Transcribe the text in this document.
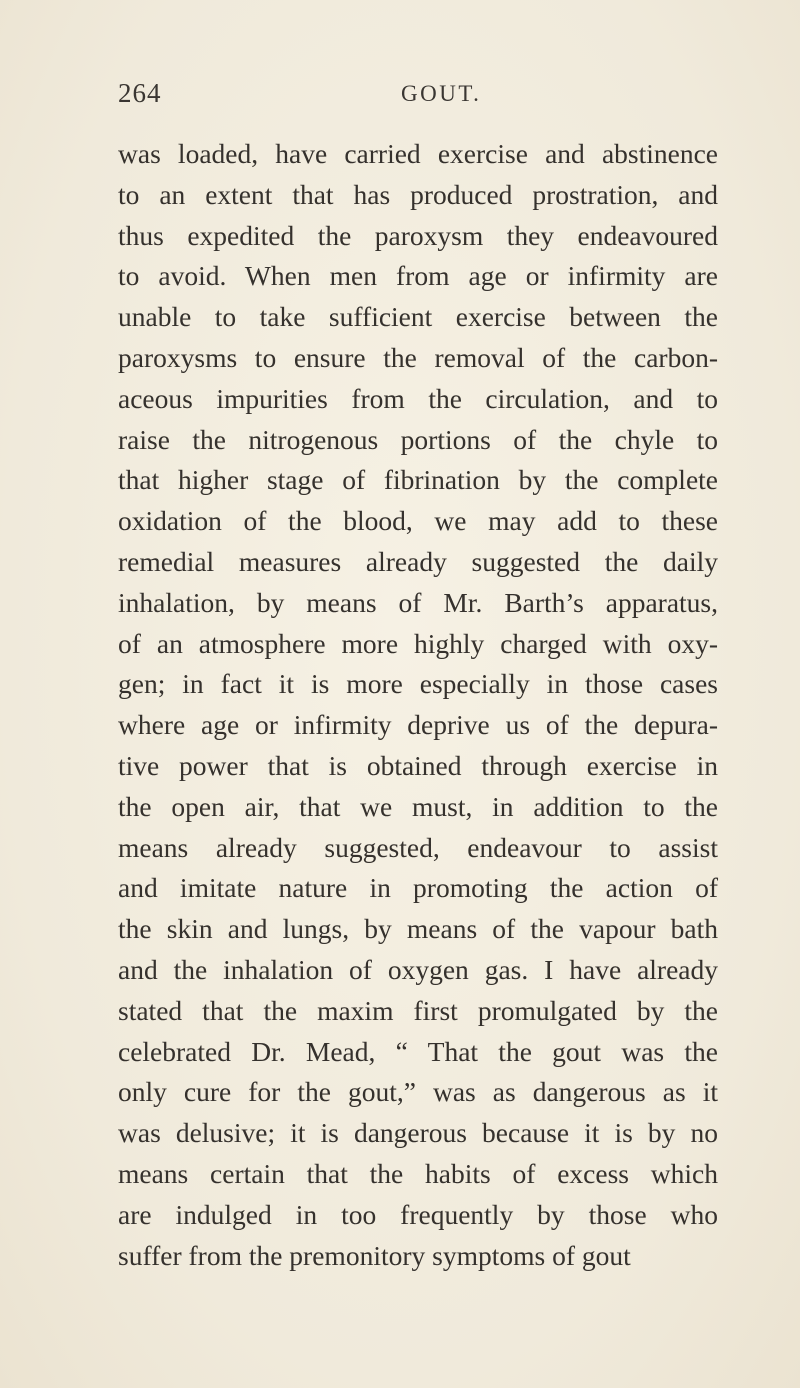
264	GOUT.
was loaded, have carried exercise and abstinence
to an extent that has produced prostration, and
thus expedited the paroxysm they endeavoured
to avoid. When men from age or infirmity are
unable to take sufficient exercise between the
paroxysms to ensure the removal of the carbon-
aceous impurities from the circulation, and to
raise the nitrogenous portions of the chyle to
that higher stage of fibrination by the complete
oxidation of the blood, we may add to these
remedial measures already suggested the daily
inhalation, by means of Mr. Barth’s apparatus,
of an atmosphere more highly charged with oxy-
gen; in fact it is more especially in those cases
where age or infirmity deprive us of the depura-
tive power that is obtained through exercise in
the open air, that we must, in addition to the
means already suggested, endeavour to assist
and imitate nature in promoting the action of
the skin and lungs, by means of the vapour bath
and the inhalation of oxygen gas. I have already
stated that the maxim first promulgated by the
celebrated Dr. Mead, “ That the gout was the
only cure for the gout,” was as dangerous as it
was delusive; it is dangerous because it is by no
means certain that the habits of excess which
are indulged in too frequently by those who
suffer from the premonitory symptoms of gout
